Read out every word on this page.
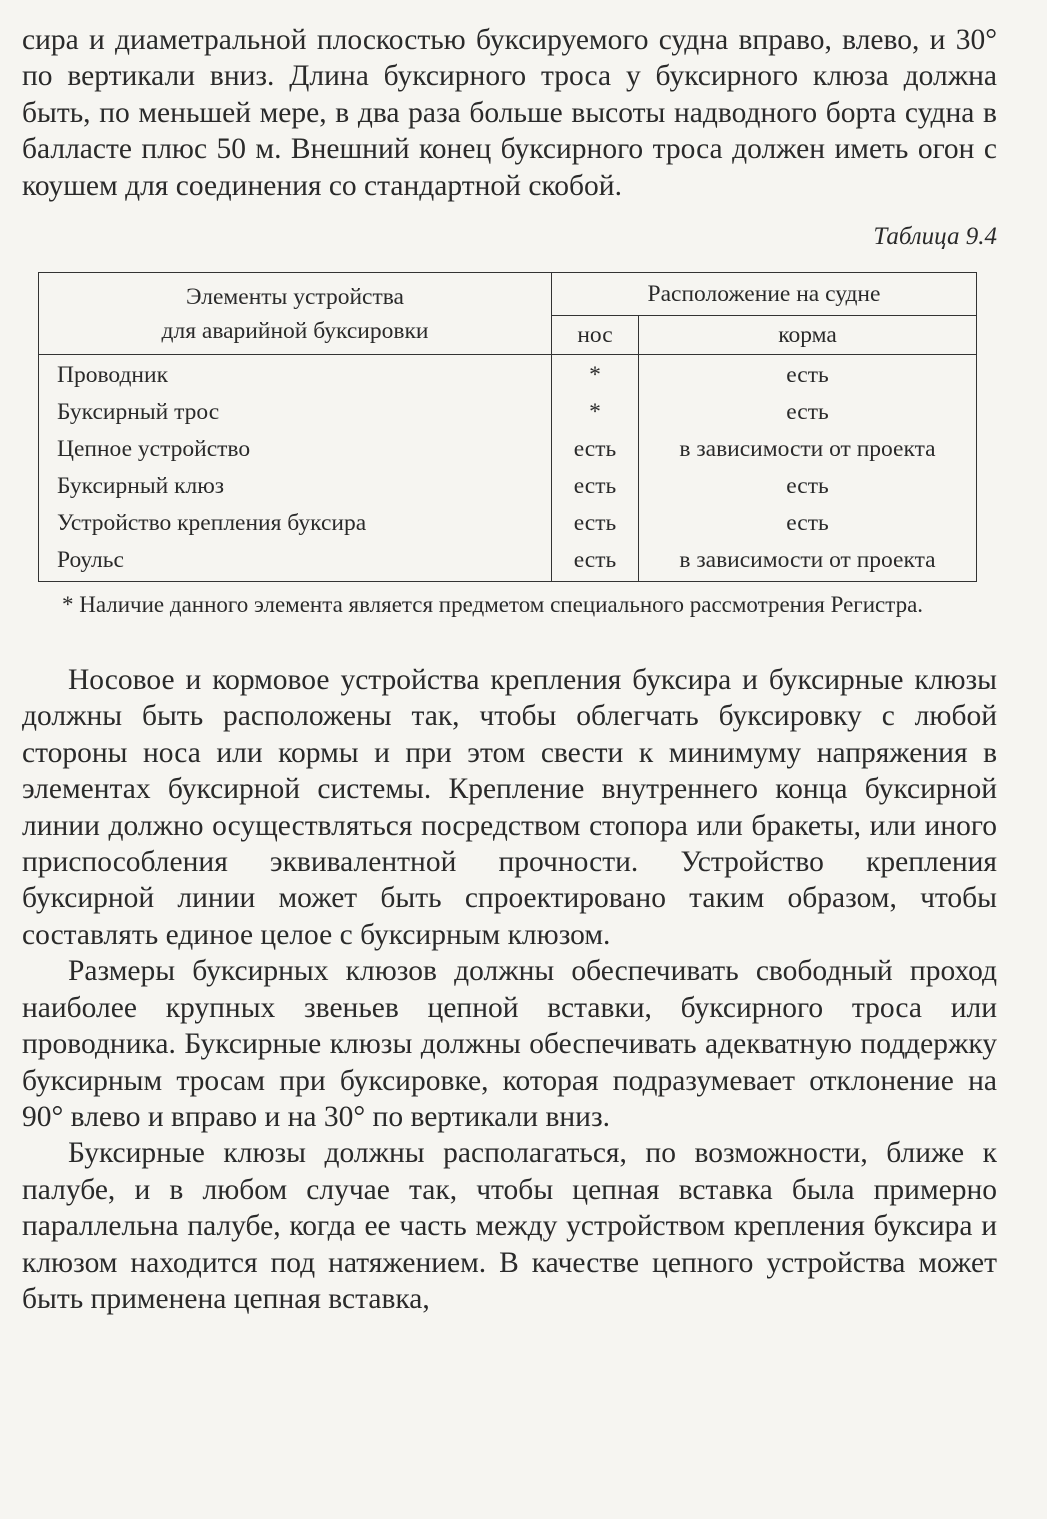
сира и диаметральной плоскостью буксируемого судна вправо, влево, и 30° по вертикали вниз. Длина буксирного троса у буксирного клюза должна быть, по меньшей мере, в два раза больше высоты надводного борта судна в балласте плюс 50 м. Внешний конец буксирного троса должен иметь огон с коушем для соединения со стандартной скобой.

Таблица 9.4
Элементы устройства
для аварийной буксировки	Расположение на судне	
	нос	корма
Проводник	*	есть
Буксирный трос	*	есть
Цепное устройство	есть	в зависимости от проекта
Буксирный клюз	есть	есть
Устройство крепления буксира	есть	есть
Роульс	есть	в зависимости от проекта

* Наличие данного элемента является предметом специального рассмотрения Регистра.

Носовое и кормовое устройства крепления буксира и буксирные клюзы должны быть расположены так, чтобы облегчать буксировку с любой стороны носа или кормы и при этом свести к минимуму напряжения в элементах буксирной системы. Крепление внутреннего конца буксирной линии должно осуществляться посредством стопора или бракеты, или иного приспособления эквивалентной прочности. Устройство крепления буксирной линии может быть спроектировано таким образом, чтобы составлять единое целое с буксирным клюзом.

Размеры буксирных клюзов должны обеспечивать свободный проход наиболее крупных звеньев цепной вставки, буксирного троса или проводника. Буксирные клюзы должны обеспечивать адекватную поддержку буксирным тросам при буксировке, которая подразумевает отклонение на 90° влево и вправо и на 30° по вертикали вниз.

Буксирные клюзы должны располагаться, по возможности, ближе к палубе, и в любом случае так, чтобы цепная вставка была примерно параллельна палубе, когда ее часть между устройством крепления буксира и клюзом находится под натяжением. В качестве цепного устройства может быть применена цепная вставка,
